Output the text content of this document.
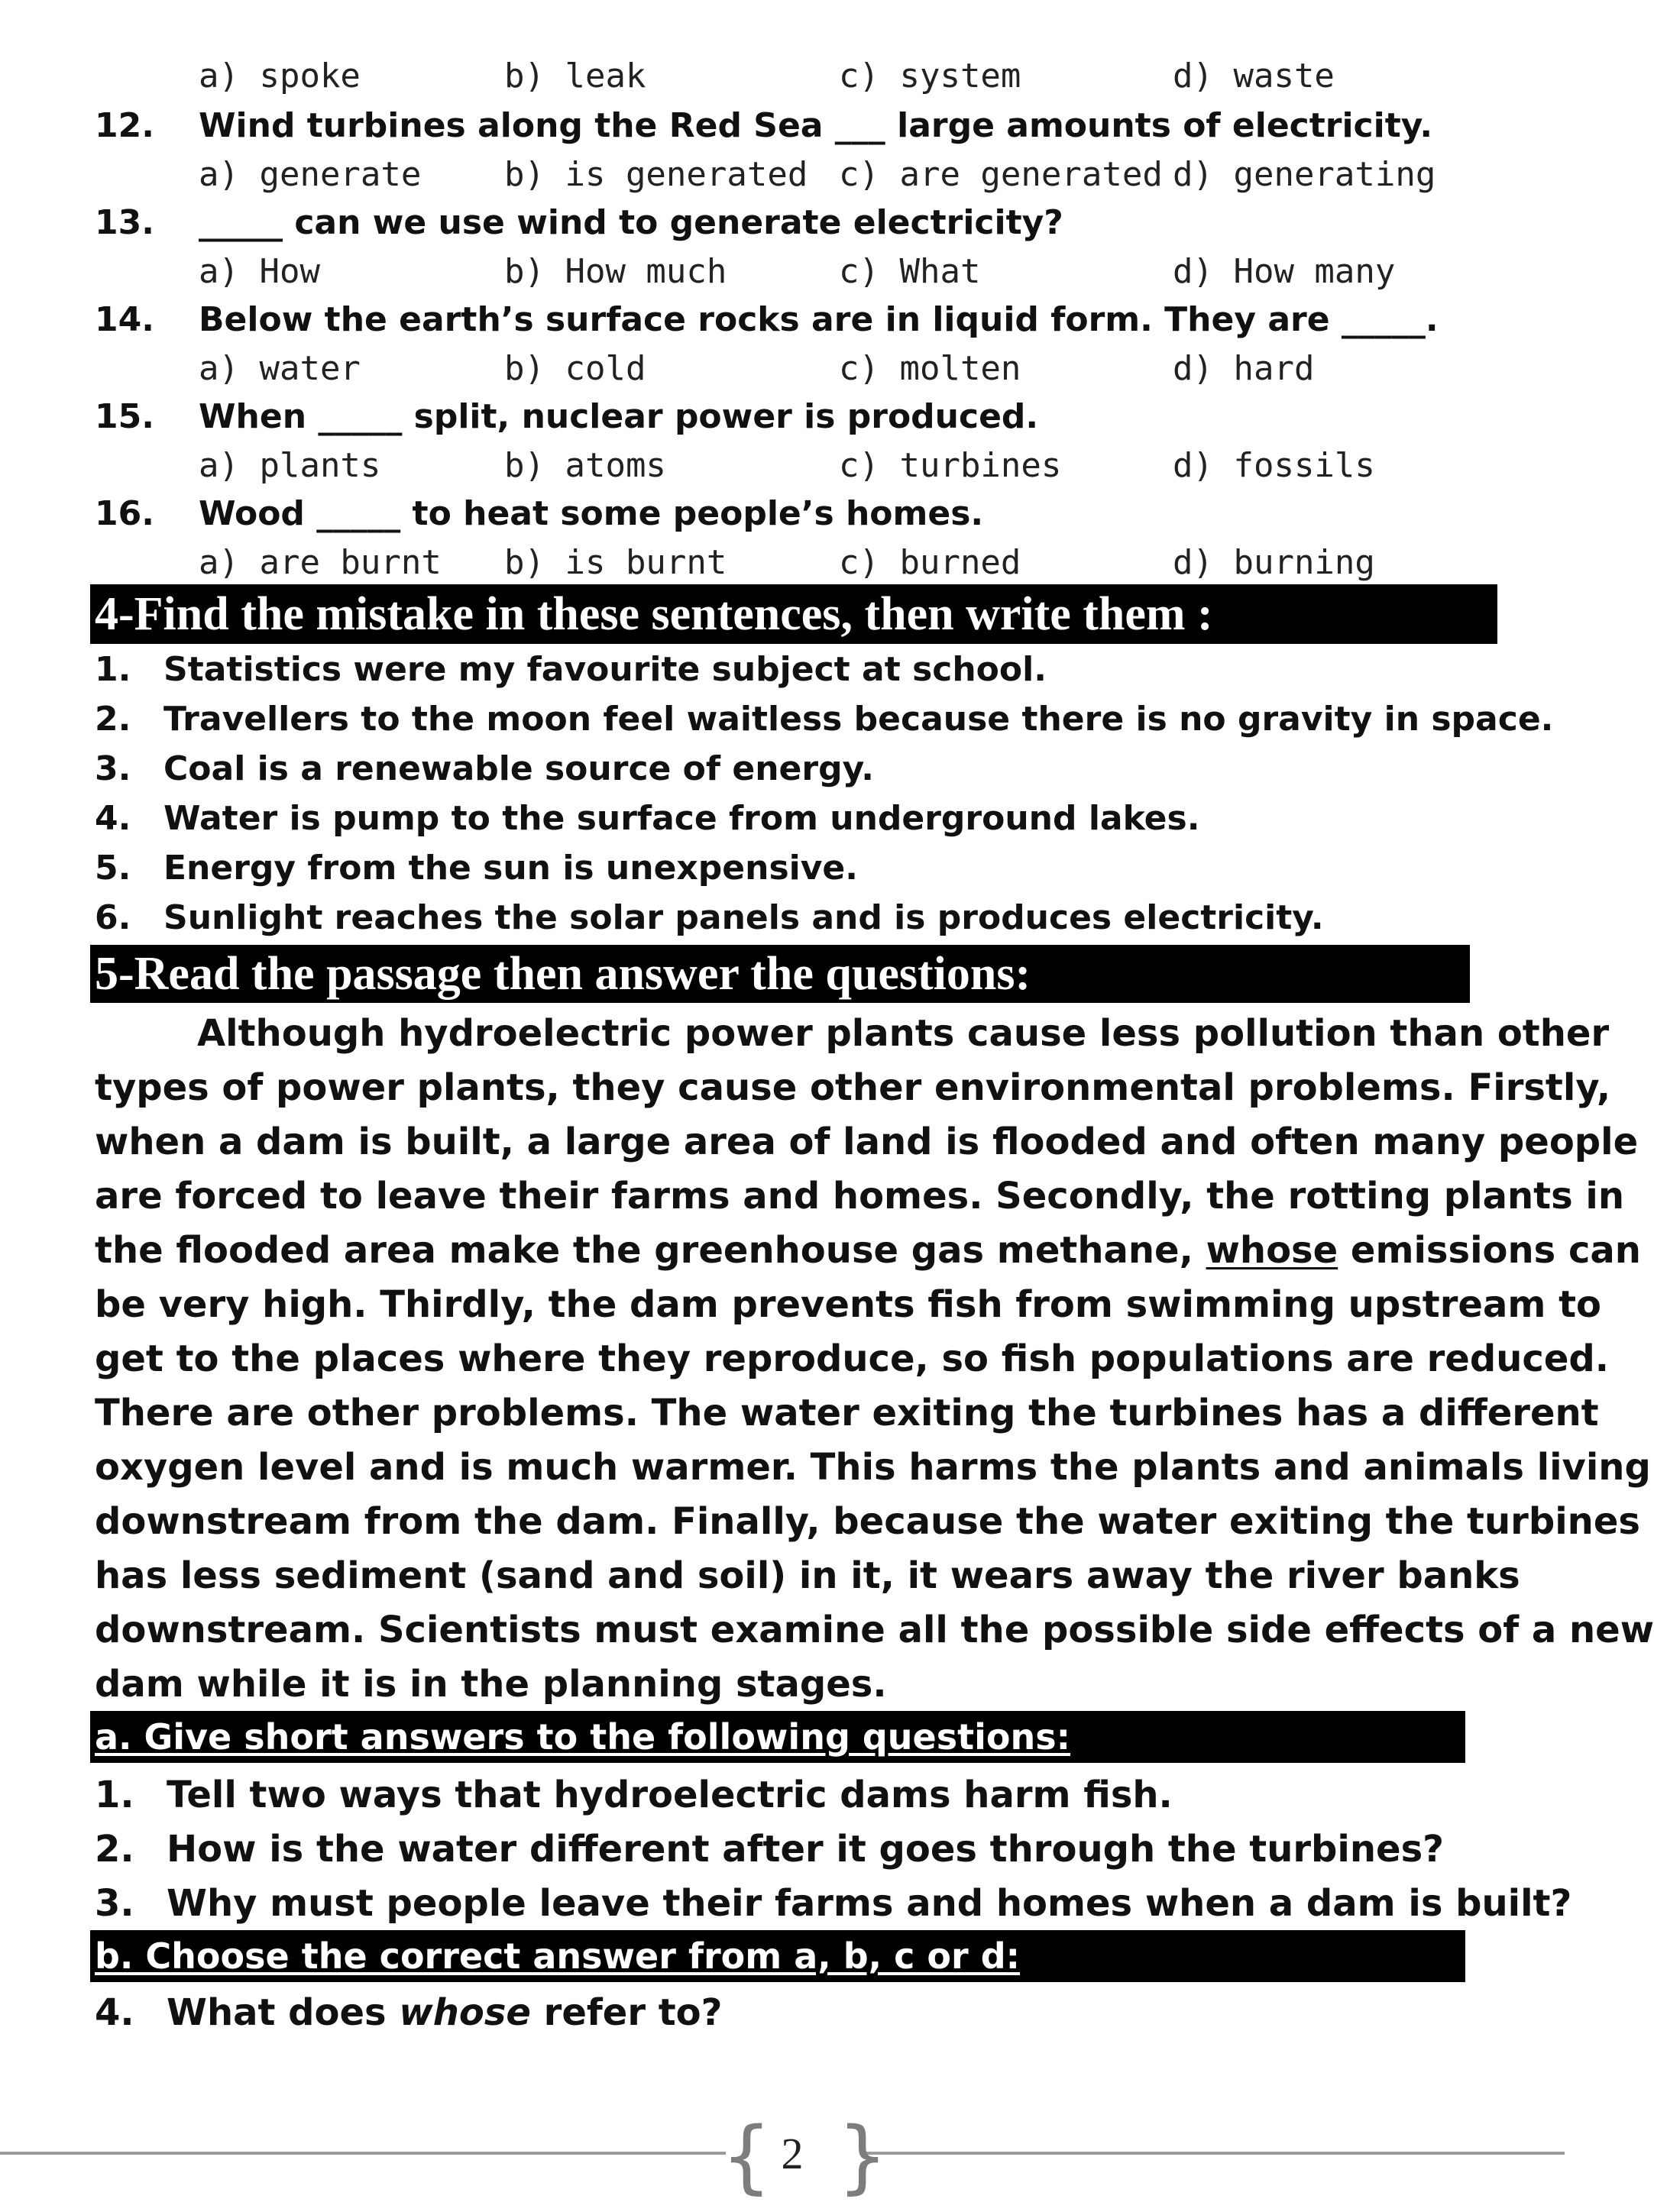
a) spoke	b) leak	c) system	d) waste
12. Wind turbines along the Red Sea ___ large amounts of electricity.
a) generate b) is generated c) are generated d) generating
13. _____ can we use wind to generate electricity?
a) How	b) How much	c) What	d) How many
14. Below the earth’s surface rocks are in liquid form. They are _____.
a) water	b) cold	c) molten	d) hard
15. When _____ split, nuclear power is produced.
a) plants	b) atoms	c) turbines	d) fossils
16. Wood _____ to heat some people’s homes.
a) are burnt b) is burnt	c) burned	d) burning
4-Find the mistake in these sentences, then write them :
1. Statistics were my favourite subject at school.
2. Travellers to the moon feel waitless because there is no gravity in space.
3. Coal is a renewable source of energy.
4. Water is pump to the surface from underground lakes.
5. Energy from the sun is unexpensive.
6. Sunlight reaches the solar panels and is produces electricity.
5-Read the passage then answer the questions:
Although hydroelectric power plants cause less pollution than other
types of power plants, they cause other environmental problems. Firstly,
when a dam is built, a large area of land is flooded and often many people
are forced to leave their farms and homes. Secondly, the rotting plants in
the flooded area make the greenhouse gas methane, whose emissions can
be very high. Thirdly, the dam prevents fish from swimming upstream to
get to the places where they reproduce, so fish populations are reduced.
There are other problems. The water exiting the turbines has a different
oxygen level and is much warmer. This harms the plants and animals living
downstream from the dam. Finally, because the water exiting the turbines
has less sediment (sand and soil) in it, it wears away the river banks
downstream. Scientists must examine all the possible side effects of a new
dam while it is in the planning stages.
a. Give short answers to the following questions:
1. Tell two ways that hydroelectric dams harm fish.
2. How is the water different after it goes through the turbines?
3. Why must people leave their farms and homes when a dam is built?
b. Choose the correct answer from a, b, c or d:
4. What does whose refer to?
{ }
2
